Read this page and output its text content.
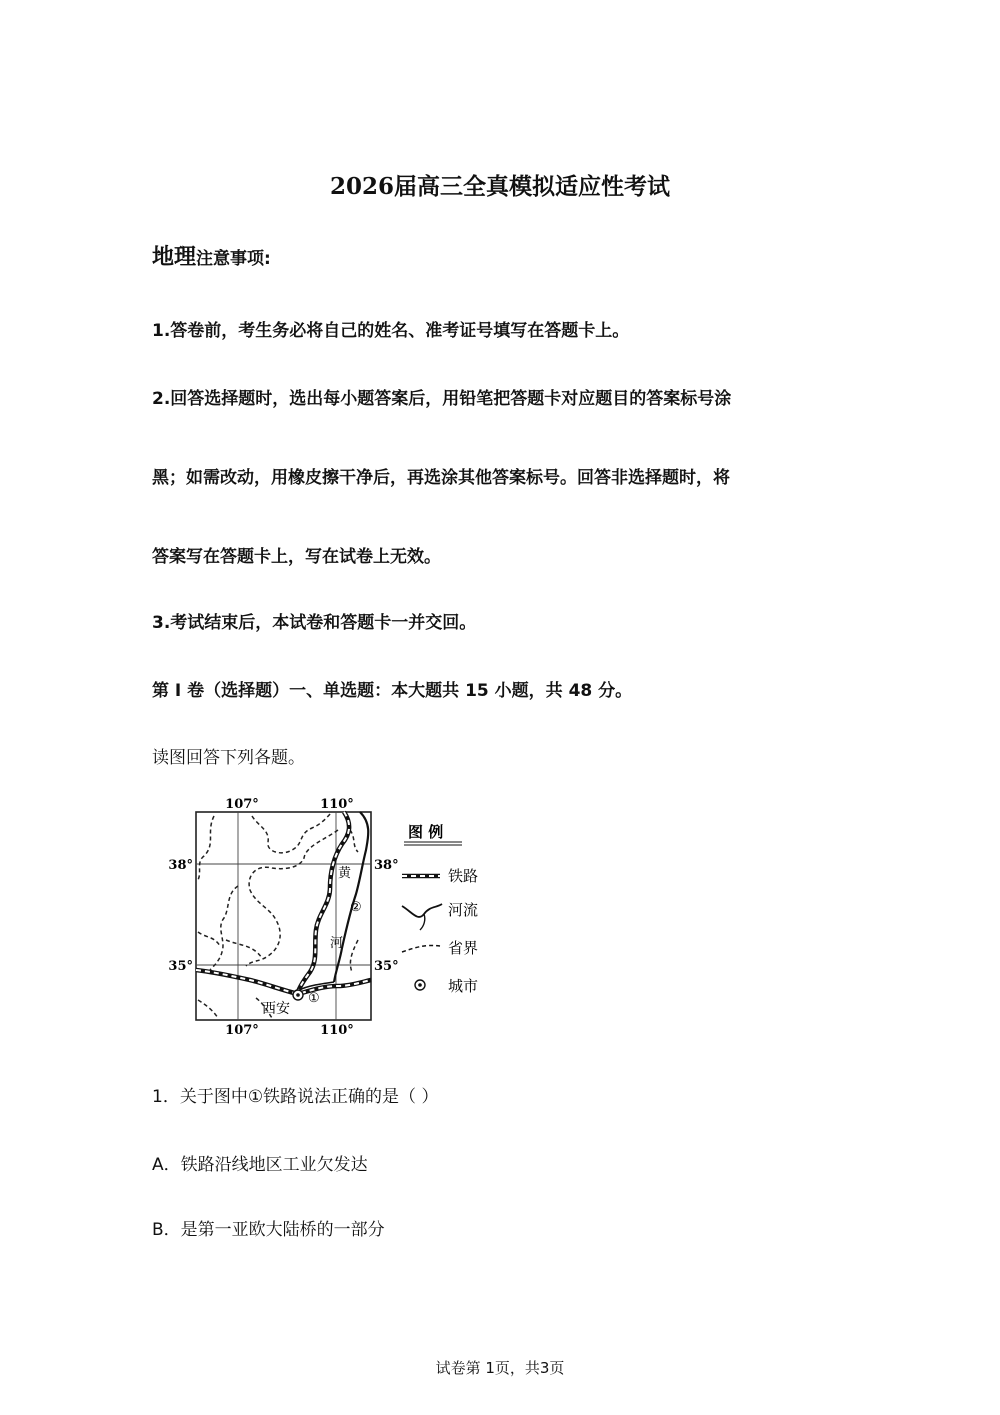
2026届高三全真模拟适应性考试
地理注意事项:
1.答卷前，考生务必将自己的姓名、准考证号填写在答题卡上。
2.回答选择题时，选出每小题答案后，用铅笔把答题卡对应题目的答案标号涂
黑；如需改动，用橡皮擦干净后，再选涂其他答案标号。回答非选择题时，将
答案写在答题卡上，写在试卷上无效。
3.考试结束后，本试卷和答题卡一并交回。
第 I 卷（选择题）一、单选题：本大题共 15 小题，共 48 分。
读图回答下列各题。
107°	110°
107°	110°
38°	38°
35°	35°
黄
河
②
①
西安
图 例
铁路
河流
省界
城市
1．关于图中①铁路说法正确的是（ ）
A．铁路沿线地区工业欠发达
B．是第一亚欧大陆桥的一部分
试卷第 1页，共3页
